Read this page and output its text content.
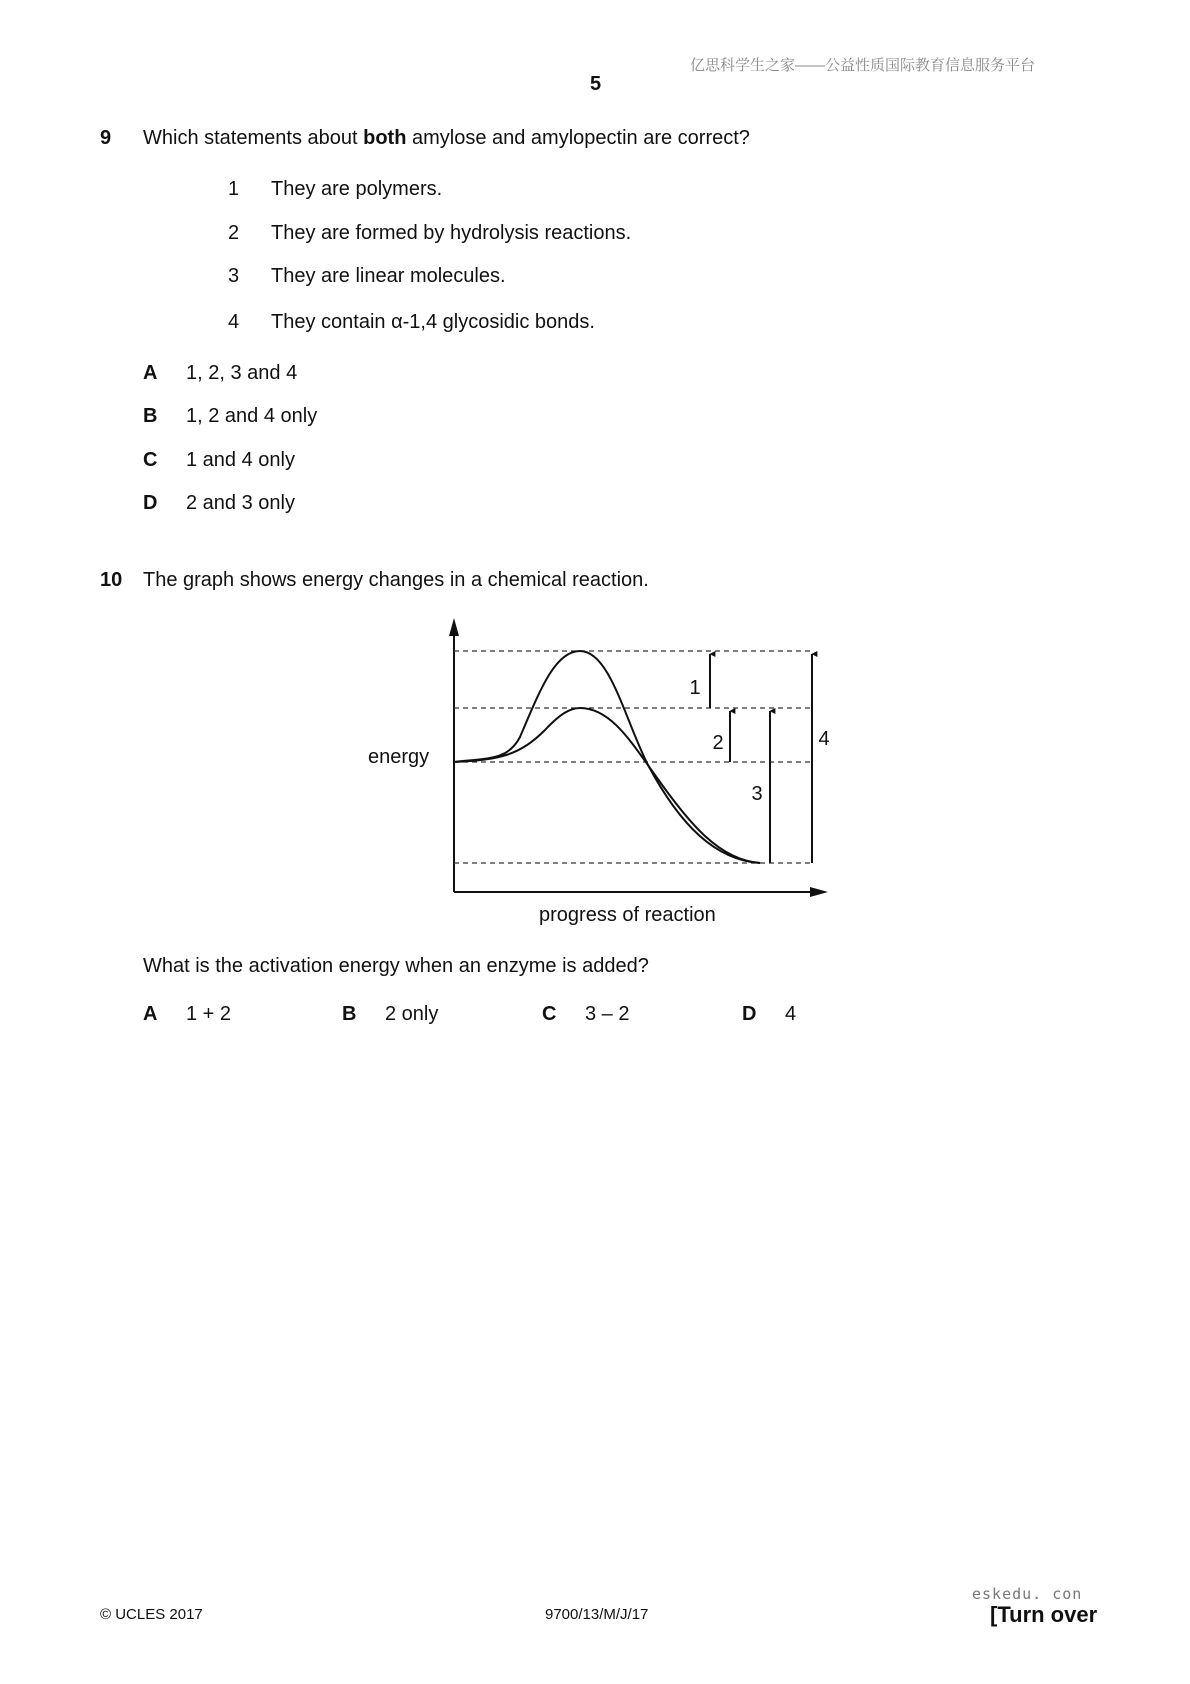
亿思科学生之家——公益性质国际教育信息服务平台
5
9 Which statements about both amylose and amylopectin are correct?
1 They are polymers.
2 They are formed by hydrolysis reactions.
3 They are linear molecules.
4 They contain α-1,4 glycosidic bonds.
A 1, 2, 3 and 4
B 1, 2 and 4 only
C 1 and 4 only
D 2 and 3 only
10 The graph shows energy changes in a chemical reaction.
1
2
3
4
energy
progress of reaction
What is the activation energy when an enzyme is added?
A 1 + 2	B 2 only	C 3 – 2	D 4
eskedu. con
© UCLES 2017	9700/13/M/J/17	[Turn over
